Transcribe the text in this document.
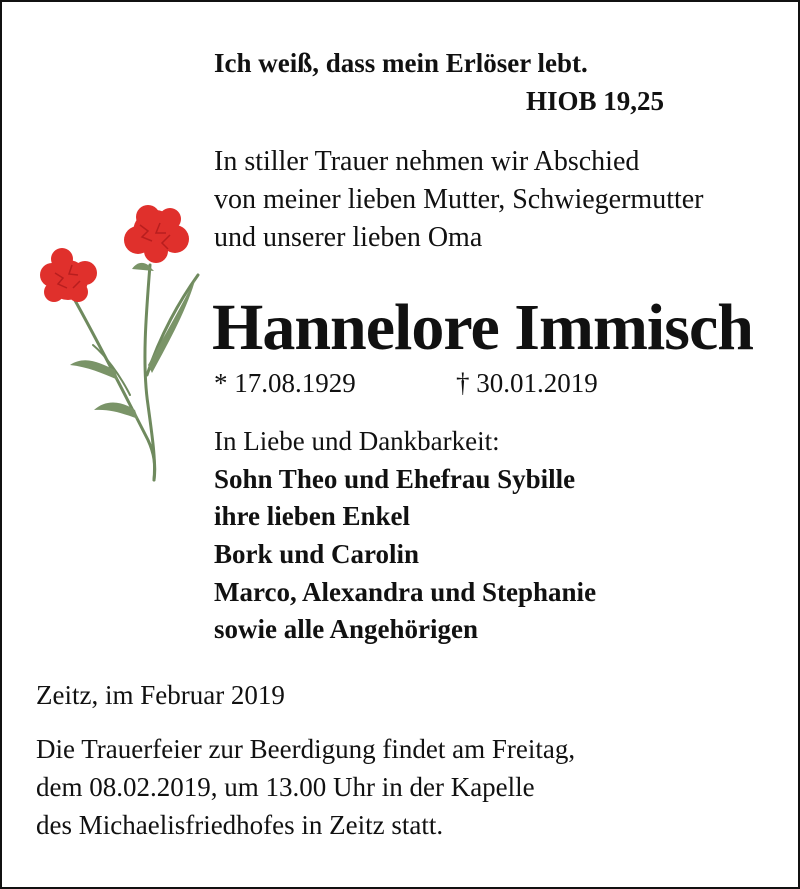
Ich weiß, dass mein Erlöser lebt.
HIOB 19,25
In stiller Trauer nehmen wir Abschied
von meiner lieben Mutter, Schwiegermutter
und unserer lieben Oma
Hannelore Immisch
* 17.08.1929	† 30.01.2019
In Liebe und Dankbarkeit:
Sohn Theo und Ehefrau Sybille
ihre lieben Enkel
Bork und Carolin
Marco, Alexandra und Stephanie
sowie alle Angehörigen
Zeitz, im Februar 2019
Die Trauerfeier zur Beerdigung findet am Freitag,
dem 08.02.2019, um 13.00 Uhr in der Kapelle
des Michaelisfriedhofes in Zeitz statt.
